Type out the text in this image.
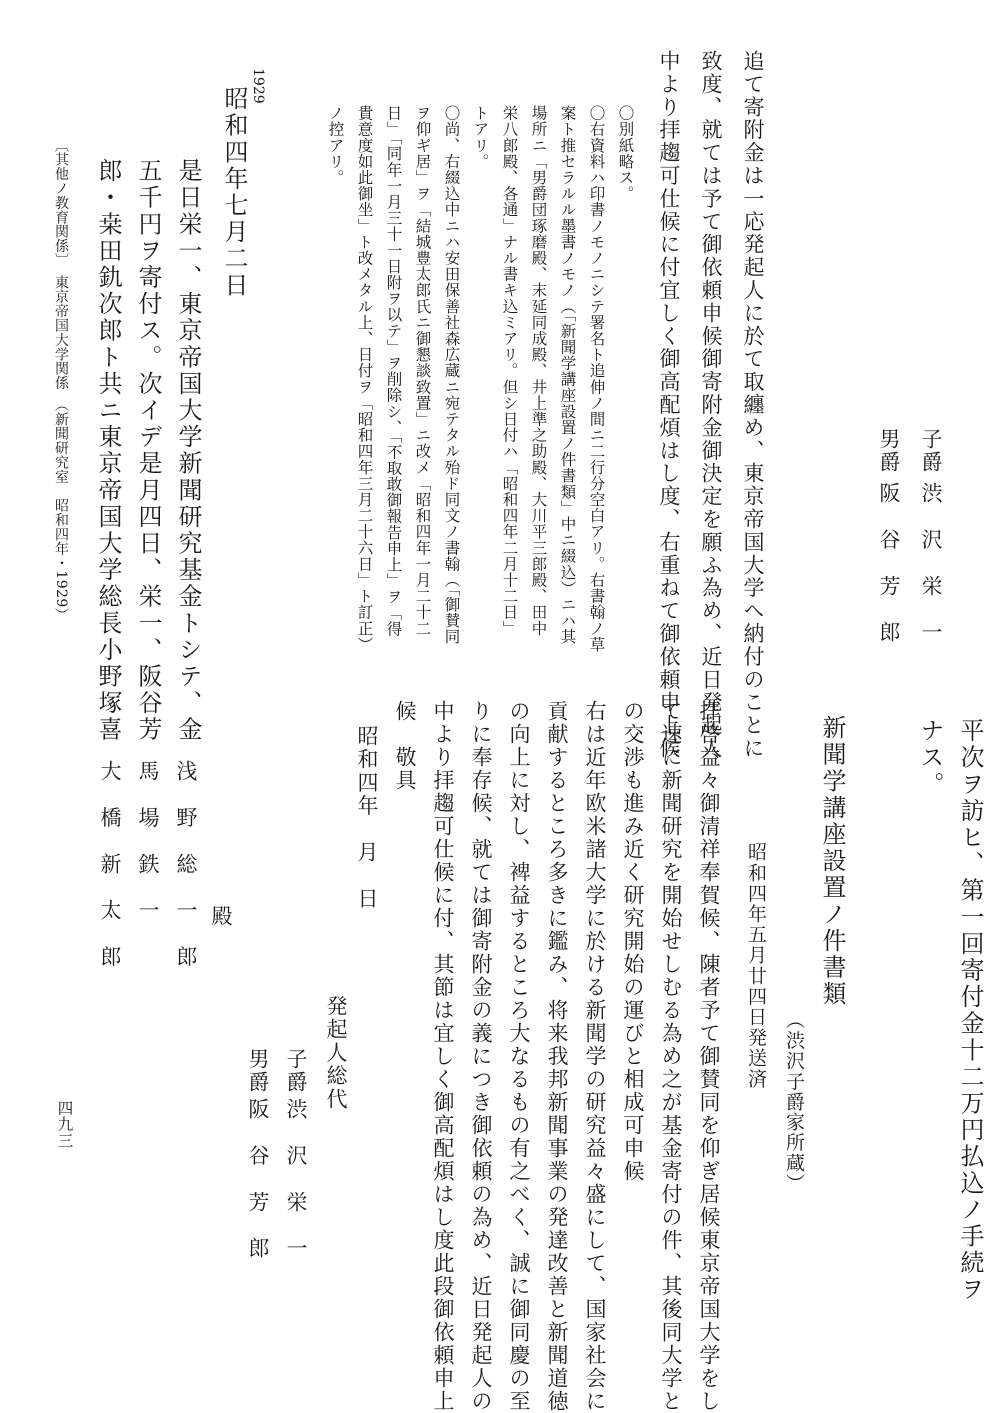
子爵
渋　沢　栄　一
男爵
阪　谷　芳　郎
追て寄附金は一応発起人に於て取纏め、東京帝国大学へ納付のことに
致度、就ては予て御依頼申候御寄附金御決定を願ふ為め、近日発起人
中より拝趨可仕候に付宜しく御高配煩はし度、右重ねて御依頼申上候
〇別紙略ス。
〇右資料ハ印書ノモノニシテ署名ト追伸ノ間ニ二行分空白アリ。右書翰ノ草
案ト推セラルル墨書ノモノ（「新聞学講座設置ノ件書類」中ニ綴込）ニハ其
場所ニ「男爵団琢磨殿、末延同成殿、井上準之助殿、大川平三郎殿、田中
栄八郎殿、各通」ナル書キ込ミアリ。但シ日付ハ「昭和四年二月十二日」
トアリ。
〇尚、右綴込中ニハ安田保善社森広蔵ニ宛テタル殆ド同文ノ書翰（「御賛同
ヲ仰ギ居」ヲ「結城豊太郎氏ニ御懇談致置」ニ改メ「昭和四年一月二十二
日」「同年一月三十一日附ヲ以テ」ヲ削除シ、「不取敢御報告申上」ヲ「得
貴意度如此御坐」ト改メタル上、日付ヲ「昭和四年三月二十六日」ト訂正）
ノ控アリ。
1929
昭和四年七月二日
是日栄一、東京帝国大学新聞研究基金トシテ、金
五千円ヲ寄付ス。次イデ是月四日、栄一、阪谷芳
郎・桒田釚次郎ト共ニ東京帝国大学総長小野塚喜
平次ヲ訪ヒ、第一回寄付金十二万円払込ノ手続ヲ
ナス。
〔其他ノ教育関係〕　東京帝国大学関係　（新聞研究室　昭和四年・1929）
新聞学講座設置ノ件書類
（渋沢子爵家所蔵）
昭和四年五月廿四日発送済
拝啓益々御清祥奉賀候、陳者予て御賛同を仰ぎ居候東京帝国大学をし
て速に新聞研究を開始せしむる為め之が基金寄付の件、其後同大学と
の交渉も進み近く研究開始の運びと相成可申候
右は近年欧米諸大学に於ける新聞学の研究益々盛にして、国家社会に
貢献するところ多きに鑑み、将来我邦新聞事業の発達改善と新聞道徳
の向上に対し、裨益するところ大なるもの有之べく、誠に御同慶の至
りに奉存候、就ては御寄附金の義につき御依頼の為め、近日発起人の
中より拝趨可仕候に付、其節は宜しく御高配煩はし度此段御依頼申上
候　敬具
昭和四年　月　日
発起人総代
子爵
渋　沢　栄　一
男爵
阪　谷　芳　郎
浅　野　総　一　郎
馬　場　鉄　一
大　橋　新　太　郎	殿
四九三
